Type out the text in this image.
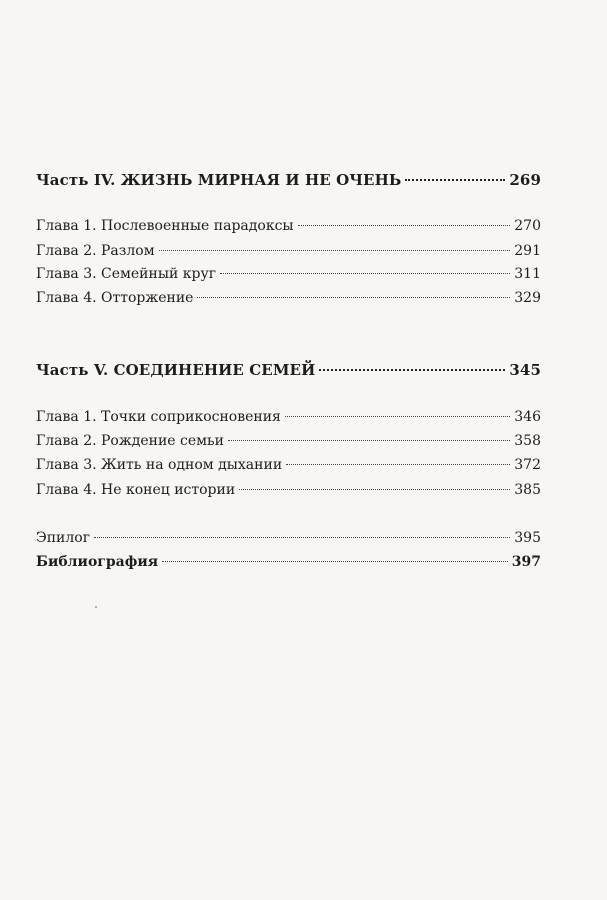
Часть IV. ЖИЗНЬ МИРНАЯ И НЕ ОЧЕНЬ	269
Глава 1. Послевоенные парадоксы	270
Глава 2. Разлом	291
Глава 3. Семейный круг	311
Глава 4. Отторжение	329
Часть V. СОЕДИНЕНИЕ СЕМЕЙ	345
Глава 1. Точки соприкосновения	346
Глава 2. Рождение семьи	358
Глава 3. Жить на одном дыхании	372
Глава 4. Не конец истории	385
Эпилог	395
Библиография	397
